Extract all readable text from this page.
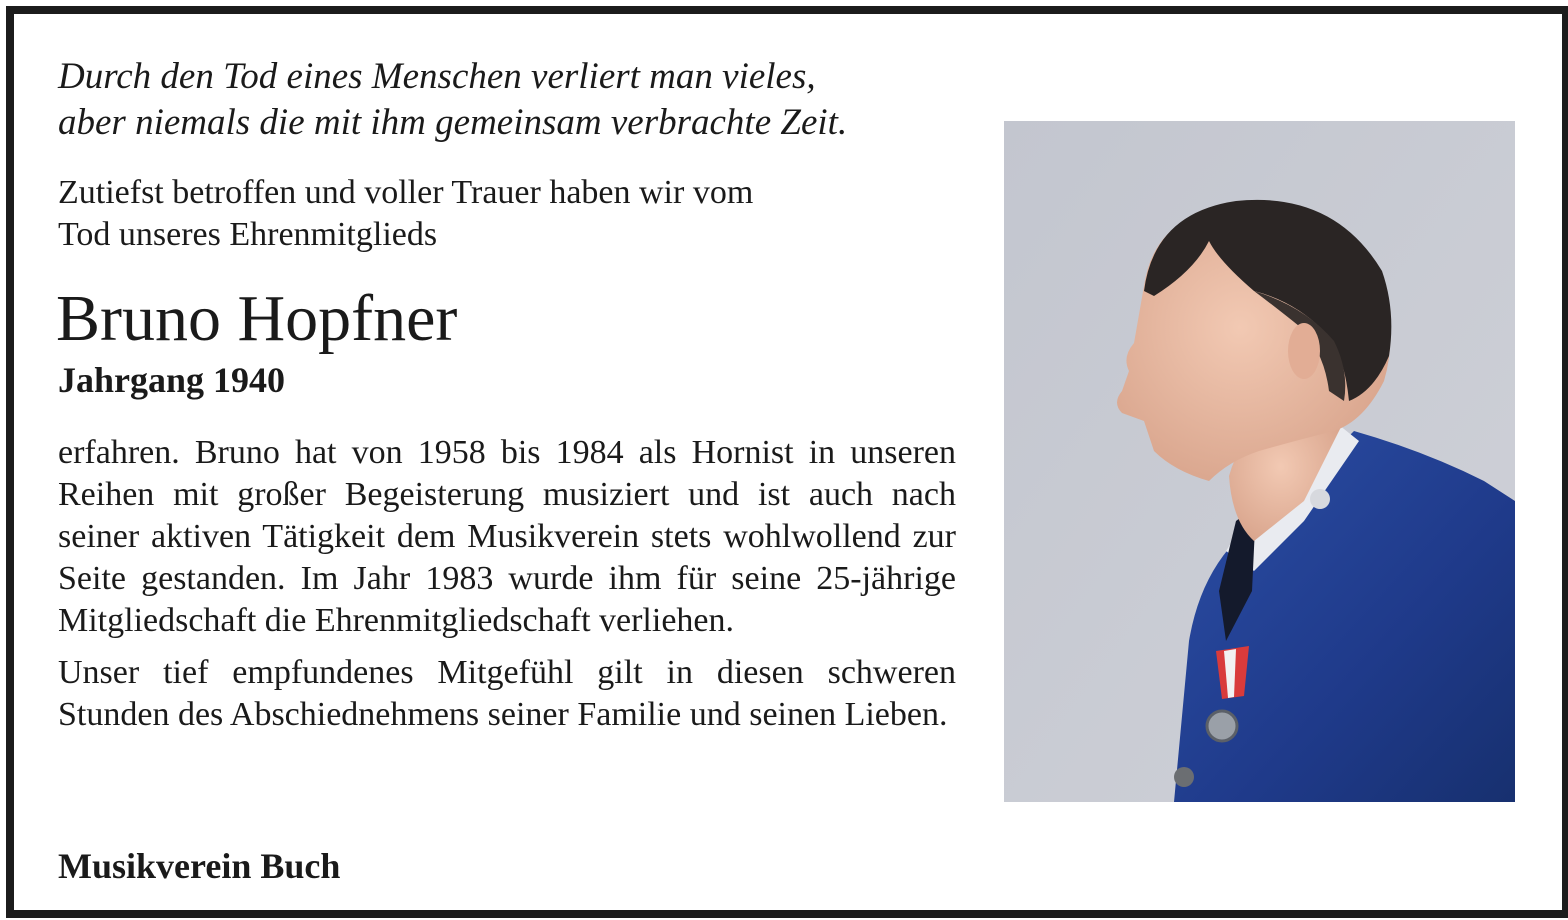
Durch den Tod eines Menschen verliert man vieles,

aber niemals die mit ihm gemeinsam verbrachte Zeit.

Zutiefst betroffen und voller Trauer haben wir vom
Tod unseres Ehrenmitglieds
Bruno Hopfner
Jahrgang 1940

erfahren. Bruno hat von 1958 bis 1984 als Hornist in unseren Reihen mit großer Begeisterung musiziert und ist auch nach seiner aktiven Tätigkeit dem Musikverein stets wohlwollend zur Seite gestanden. Im Jahr 1983 wurde ihm für seine 25-jährige Mitgliedschaft die Ehrenmitgliedschaft verliehen.

Unser tief empfundenes Mitgefühl gilt in diesen schweren Stunden des Abschiednehmens seiner Familie und seinen Lieben.

Musikverein Buch
